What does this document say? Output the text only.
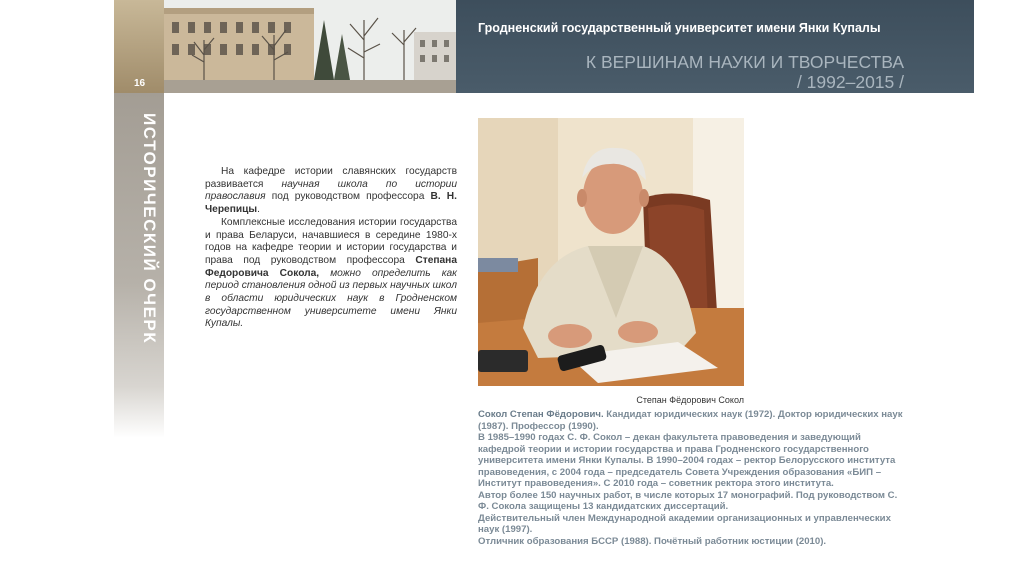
16
ИСТОРИЧЕСКИЙ ОЧЕРК
Гродненский государственный университет имени Янки Купалы
К ВЕРШИНАМ НАУКИ И ТВОРЧЕСТВА
/ 1992–2015 /

На кафедре истории славянских государств развивается научная школа по истории православия под руководством профессора В. Н. Черепицы.

Комплексные исследования истории государства и права Беларуси, начавшиеся в середине 1980-х годов на кафедре теории и истории государства и права под руководством профессора Степана Федоровича Сокола, можно определить как период становления одной из первых научных школ в области юридических наук в Гродненском государственном университете имени Янки Купалы.

Степан Фёдорович Сокол

Сокол Степан Фёдорович. Кандидат юридических наук (1972). Доктор юридических наук (1987). Профессор (1990).

В 1985–1990 годах С. Ф. Сокол – декан факультета правоведения и заведующий кафедрой теории и истории государства и права Гродненского государственного университета имени Янки Купалы. В 1990–2004 годах – ректор Белорусского института правоведения, с 2004 года – председатель Совета Учреждения образования «БИП – Институт правоведения». С 2010 года – советник ректора этого института.

Автор более 150 научных работ, в числе которых 17 монографий. Под руководством С. Ф. Сокола защищены 13 кандидатских диссертаций.

Действительный член Международной академии организационных и управленческих наук (1997).

Отличник образования БССР (1988). Почётный работник юстиции (2010).
